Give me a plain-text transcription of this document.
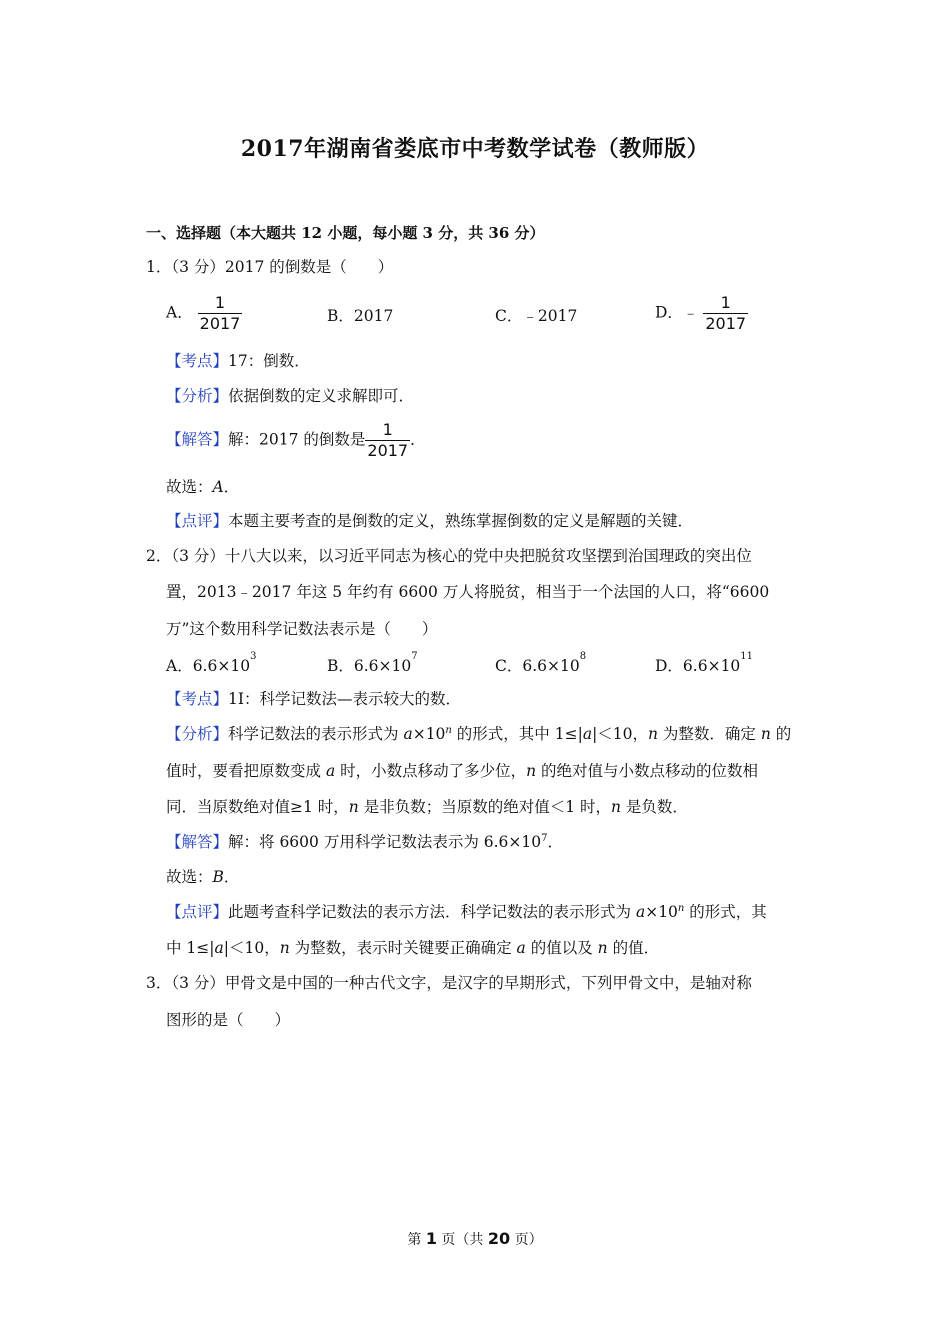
2017年湖南省娄底市中考数学试卷（教师版）
一、选择题（本大题共 12 小题，每小题 3 分，共 36 分）
1．（3 分）2017 的倒数是（　　）
A． $\frac{1}{2017}$	B．2017	C．﹣2017	D．﹣ $\frac{1}{2017}$
【考点】17：倒数．
【分析】依据倒数的定义求解即可．
【解答】解：2017 的倒数是 $\frac{1}{2017}$ ．
故选：A．
【点评】本题主要考查的是倒数的定义，熟练掌握倒数的定义是解题的关键．
2．（3 分）十八大以来，以习近平同志为核心的党中央把脱贫攻坚摆到治国理政的突出位
置，2013﹣2017 年这 5 年约有 6600 万人将脱贫，相当于一个法国的人口，将“6600
万”这个数用科学记数法表示是（　　）
A．$6.6\times 10^3$
B．$6.6\times 10^7$
C．$6.6\times 10^8$
D．$6.6\times 10^{11}$
【考点】1I：科学记数法—表示较大的数．
【分析】科学记数法的表示形式为 $a\times 10^n$ 的形式，其中 1≤|a|＜10，n 为整数．确定 n 的
值时，要看把原数变成 a 时，小数点移动了多少位，n 的绝对值与小数点移动的位数相
同．当原数绝对值≥1 时，n 是非负数；当原数的绝对值＜1 时，n 是负数．
【解答】解：将 6600 万用科学记数法表示为 $6.6\times 10^7$．
故选：B．
【点评】此题考查科学记数法的表示方法．科学记数法的表示形式为 $a\times 10^n$ 的形式，其
中 1≤|a|＜10，n 为整数，表示时关键要正确确定 a 的值以及 n 的值．
3．（3 分）甲骨文是中国的一种古代文字，是汉字的早期形式，下列甲骨文中，是轴对称
图形的是（　　）
第 1 页（共 20 页）
